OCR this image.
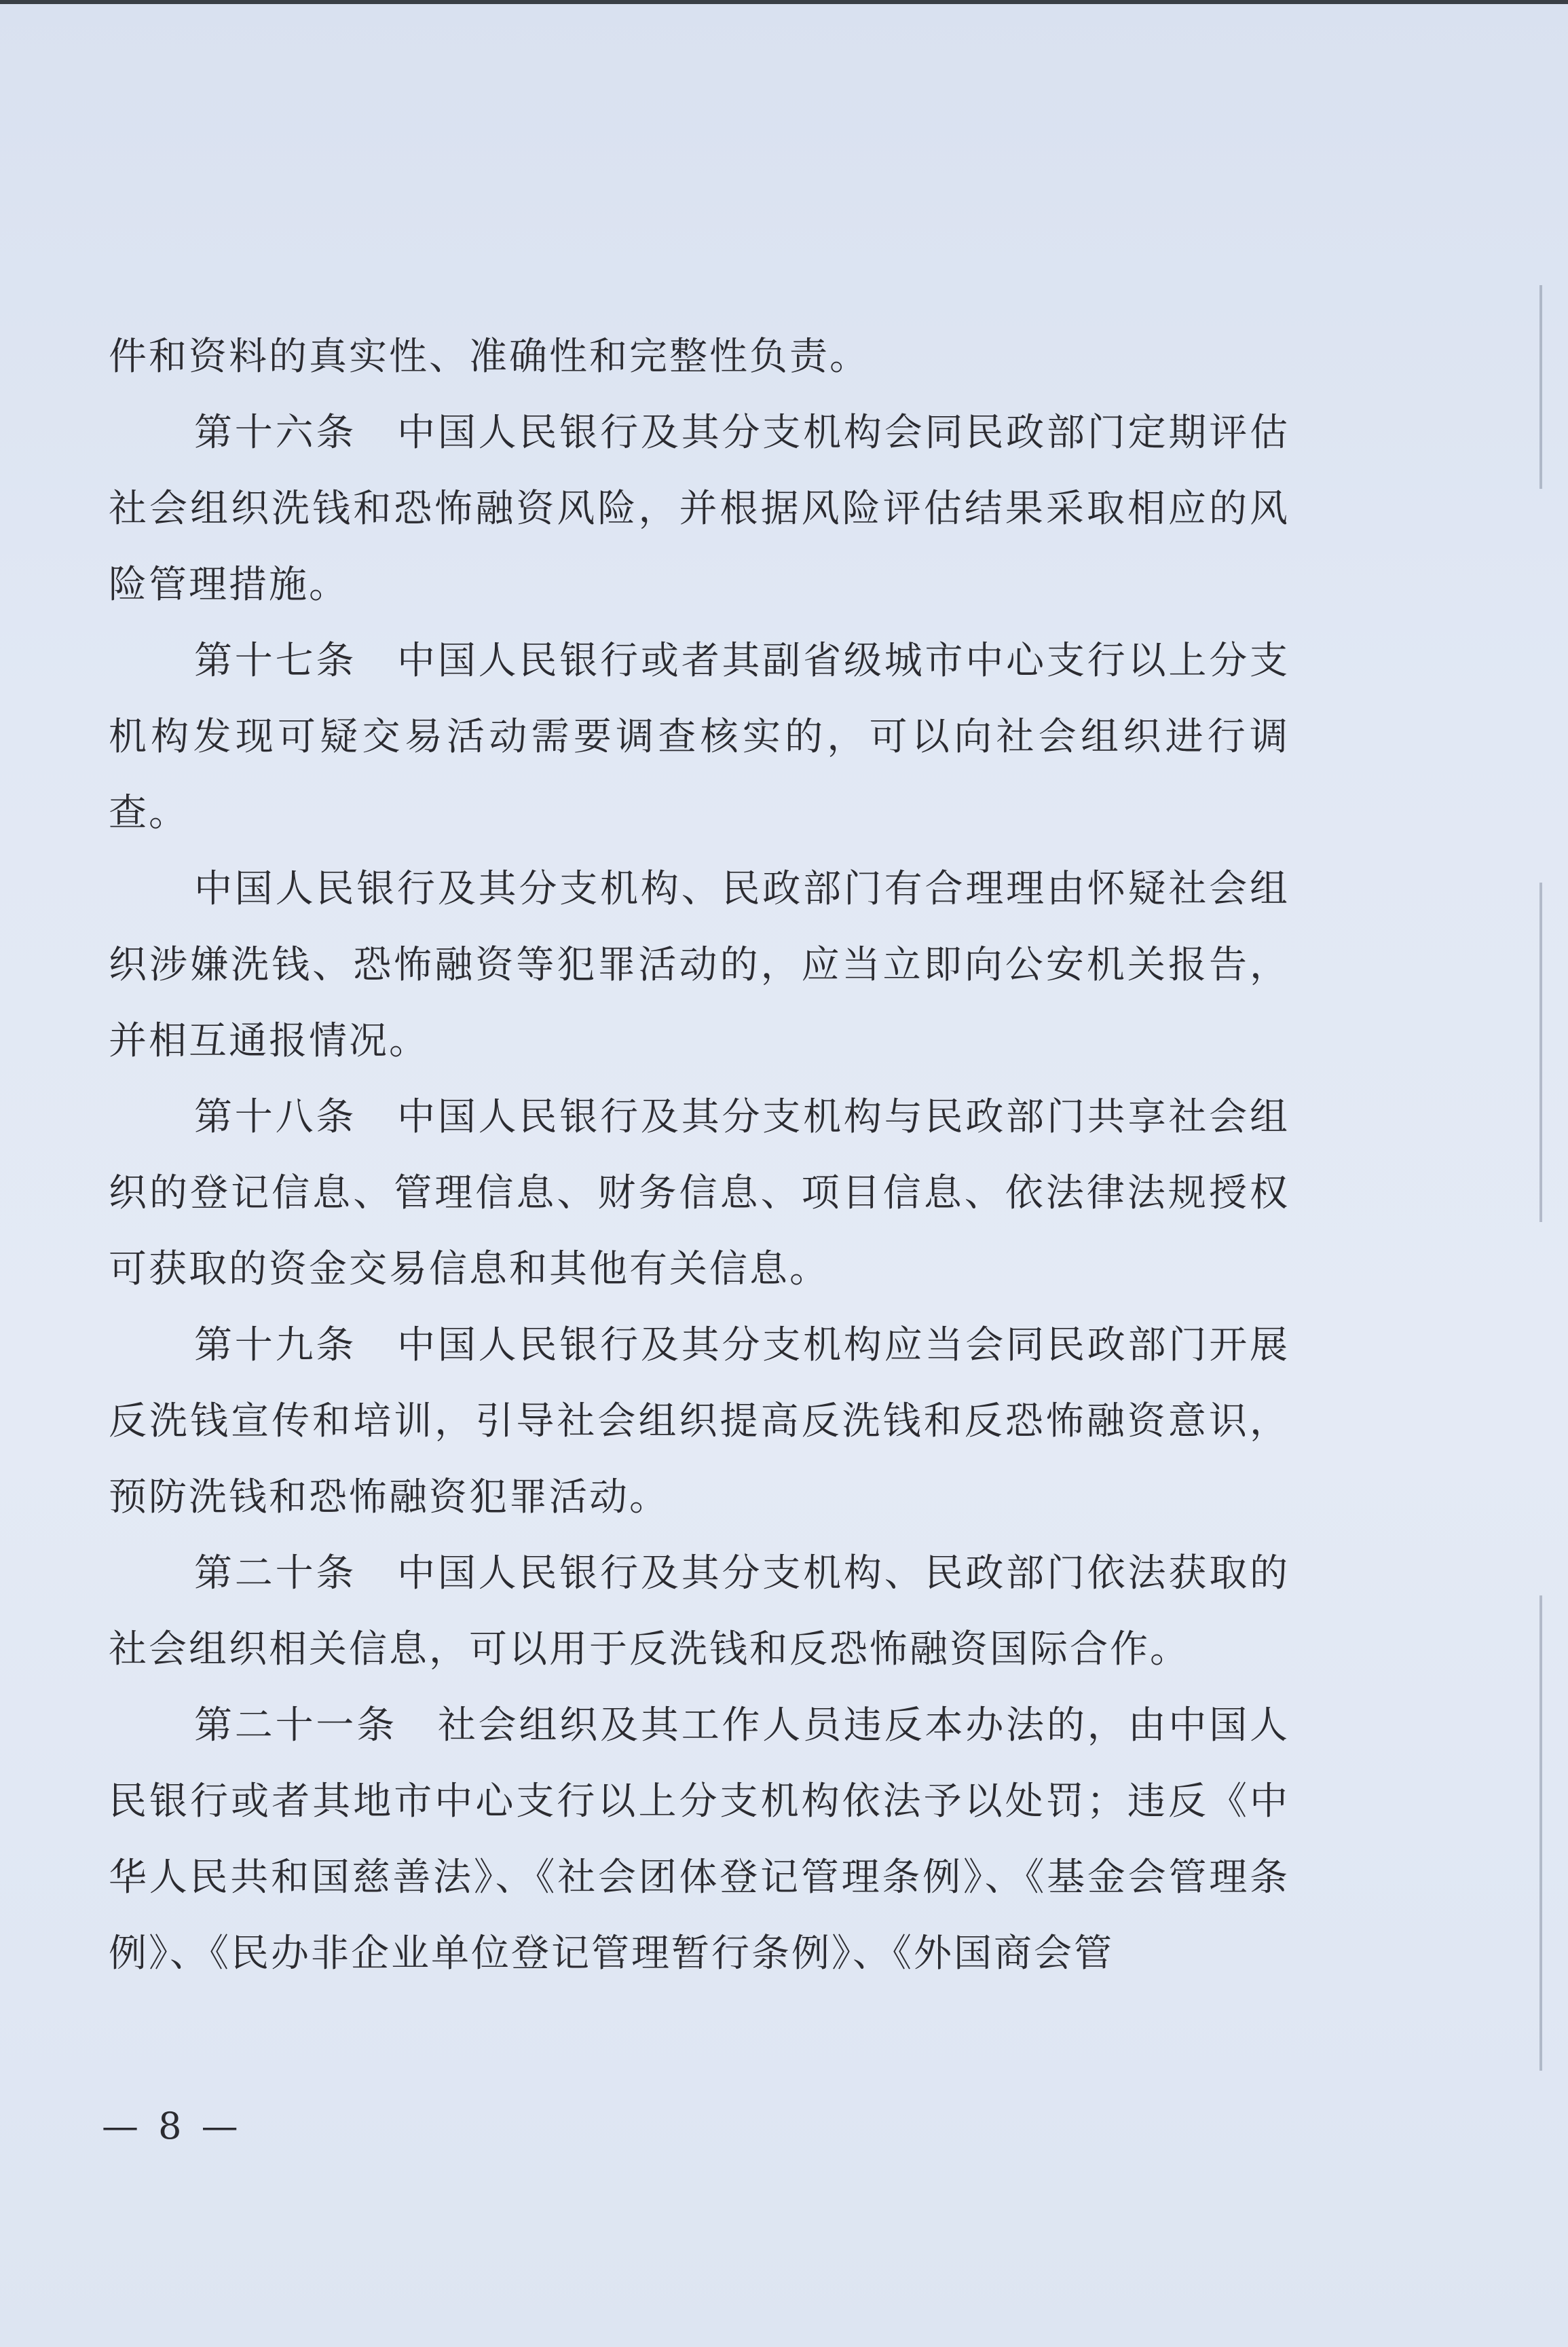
件和资料的真实性、准确性和完整性负责。

第十六条　中国人民银行及其分支机构会同民政部门定期评估社会组织洗钱和恐怖融资风险，并根据风险评估结果采取相应的风险管理措施。

第十七条　中国人民银行或者其副省级城市中心支行以上分支机构发现可疑交易活动需要调查核实的，可以向社会组织进行调查。

中国人民银行及其分支机构、民政部门有合理理由怀疑社会组织涉嫌洗钱、恐怖融资等犯罪活动的，应当立即向公安机关报告，并相互通报情况。

第十八条　中国人民银行及其分支机构与民政部门共享社会组织的登记信息、管理信息、财务信息、项目信息、依法律法规授权可获取的资金交易信息和其他有关信息。

第十九条　中国人民银行及其分支机构应当会同民政部门开展反洗钱宣传和培训，引导社会组织提高反洗钱和反恐怖融资意识，预防洗钱和恐怖融资犯罪活动。

第二十条　中国人民银行及其分支机构、民政部门依法获取的社会组织相关信息，可以用于反洗钱和反恐怖融资国际合作。

第二十一条　社会组织及其工作人员违反本办法的，由中国人民银行或者其地市中心支行以上分支机构依法予以处罚；违反《中华人民共和国慈善法》、《社会团体登记管理条例》、《基金会管理条例》、《民办非企业单位登记管理暂行条例》、《外国商会管

— 8 —
